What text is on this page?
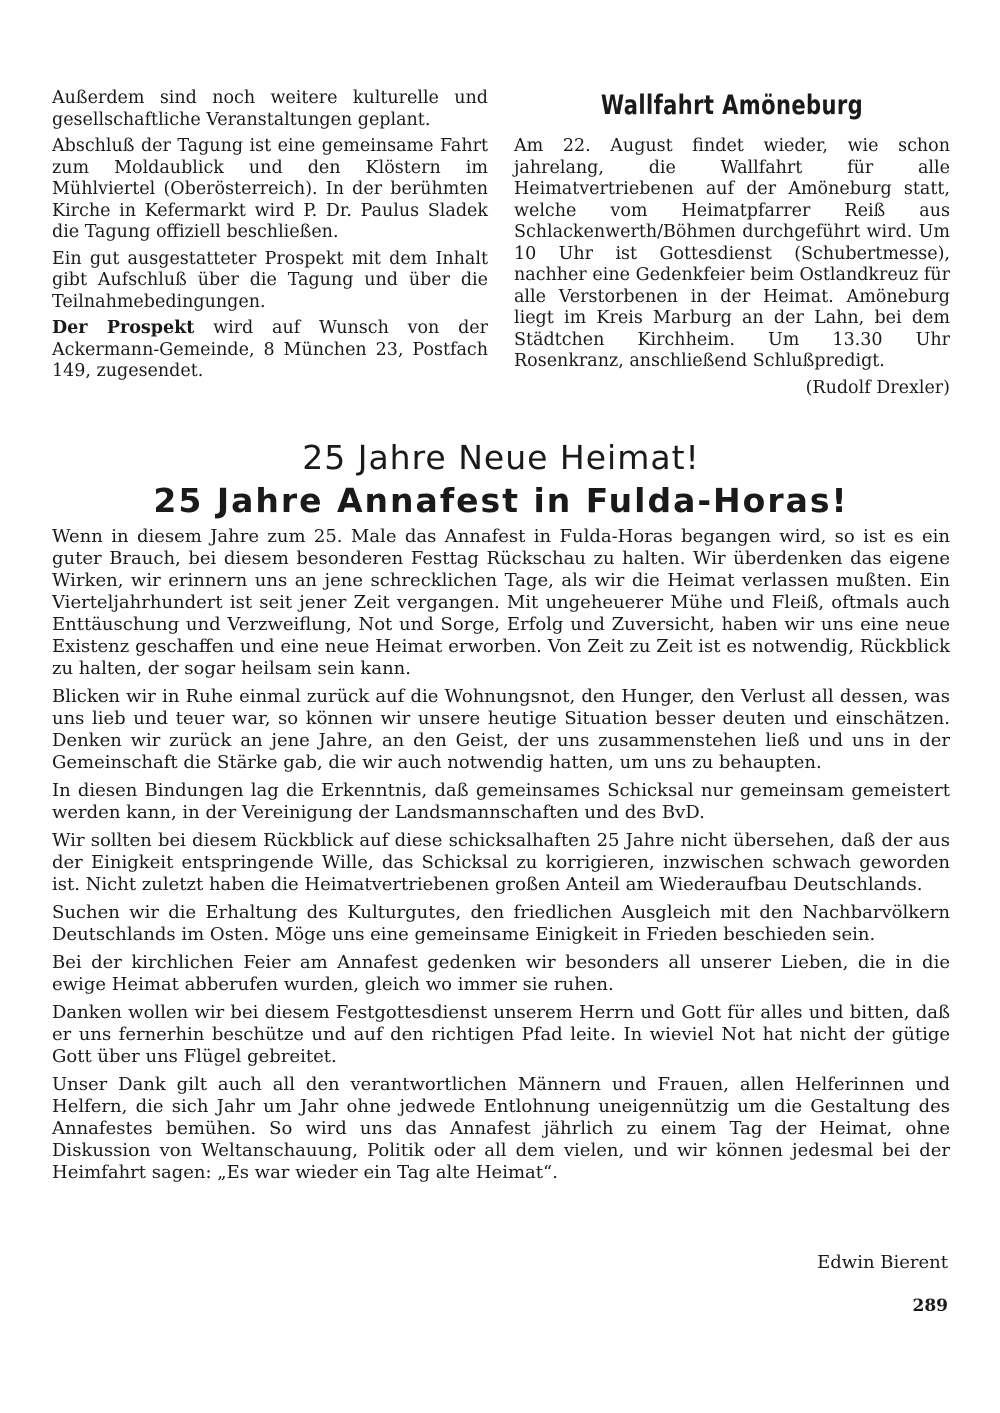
Außerdem sind noch weitere kulturelle und gesellschaftliche Veranstaltungen geplant.

Abschluß der Tagung ist eine gemeinsame Fahrt zum Moldaublick und den Klöstern im Mühlviertel (Oberösterreich). In der berühmten Kirche in Kefermarkt wird P. Dr. Paulus Sladek die Tagung offiziell beschließen.

Ein gut ausgestatteter Prospekt mit dem Inhalt gibt Aufschluß über die Tagung und über die Teilnahmebedingungen.

Der Prospekt wird auf Wunsch von der Ackermann-Gemeinde, 8 München 23, Postfach 149, zugesendet.

Wallfahrt Amöneburg

Am 22. August findet wieder, wie schon jahrelang, die Wallfahrt für alle Heimatvertriebenen auf der Amöneburg statt, welche vom Heimatpfarrer Reiß aus Schlackenwerth/Böhmen durchgeführt wird. Um 10 Uhr ist Gottesdienst (Schubertmesse), nachher eine Gedenkfeier beim Ostlandkreuz für alle Verstorbenen in der Heimat. Amöneburg liegt im Kreis Marburg an der Lahn, bei dem Städtchen Kirchheim. Um 13.30 Uhr Rosenkranz, anschließend Schlußpredigt.

(Rudolf Drexler)

25 Jahre Neue Heimat!
25 Jahre Annafest in Fulda-Horas!

Wenn in diesem Jahre zum 25. Male das Annafest in Fulda-Horas begangen wird, so ist es ein guter Brauch, bei diesem besonderen Festtag Rückschau zu halten. Wir überdenken das eigene Wirken, wir erinnern uns an jene schrecklichen Tage, als wir die Heimat verlassen mußten. Ein Vierteljahrhundert ist seit jener Zeit vergangen. Mit ungeheuerer Mühe und Fleiß, oftmals auch Enttäuschung und Verzweiflung, Not und Sorge, Erfolg und Zuversicht, haben wir uns eine neue Existenz geschaffen und eine neue Heimat erworben. Von Zeit zu Zeit ist es notwendig, Rückblick zu halten, der sogar heilsam sein kann.

Blicken wir in Ruhe einmal zurück auf die Wohnungsnot, den Hunger, den Verlust all dessen, was uns lieb und teuer war, so können wir unsere heutige Situation besser deuten und einschätzen. Denken wir zurück an jene Jahre, an den Geist, der uns zusammenstehen ließ und uns in der Gemeinschaft die Stärke gab, die wir auch notwendig hatten, um uns zu behaupten.

In diesen Bindungen lag die Erkenntnis, daß gemeinsames Schicksal nur gemeinsam gemeistert werden kann, in der Vereinigung der Landsmannschaften und des BvD.

Wir sollten bei diesem Rückblick auf diese schicksalhaften 25 Jahre nicht übersehen, daß der aus der Einigkeit entspringende Wille, das Schicksal zu korrigieren, inzwischen schwach geworden ist. Nicht zuletzt haben die Heimatvertriebenen großen Anteil am Wiederaufbau Deutschlands.

Suchen wir die Erhaltung des Kulturgutes, den friedlichen Ausgleich mit den Nachbarvölkern Deutschlands im Osten. Möge uns eine gemeinsame Einigkeit in Frieden beschieden sein.

Bei der kirchlichen Feier am Annafest gedenken wir besonders all unserer Lieben, die in die ewige Heimat abberufen wurden, gleich wo immer sie ruhen.

Danken wollen wir bei diesem Festgottesdienst unserem Herrn und Gott für alles und bitten, daß er uns fernerhin beschütze und auf den richtigen Pfad leite. In wieviel Not hat nicht der gütige Gott über uns Flügel gebreitet.

Unser Dank gilt auch all den verantwortlichen Männern und Frauen, allen Helferinnen und Helfern, die sich Jahr um Jahr ohne jedwede Entlohnung uneigennützig um die Gestaltung des Annafestes bemühen. So wird uns das Annafest jährlich zu einem Tag der Heimat, ohne Diskussion von Weltanschauung, Politik oder all dem vielen, und wir können jedesmal bei der Heimfahrt sagen: „Es war wieder ein Tag alte Heimat“.

Edwin Bierent
289
